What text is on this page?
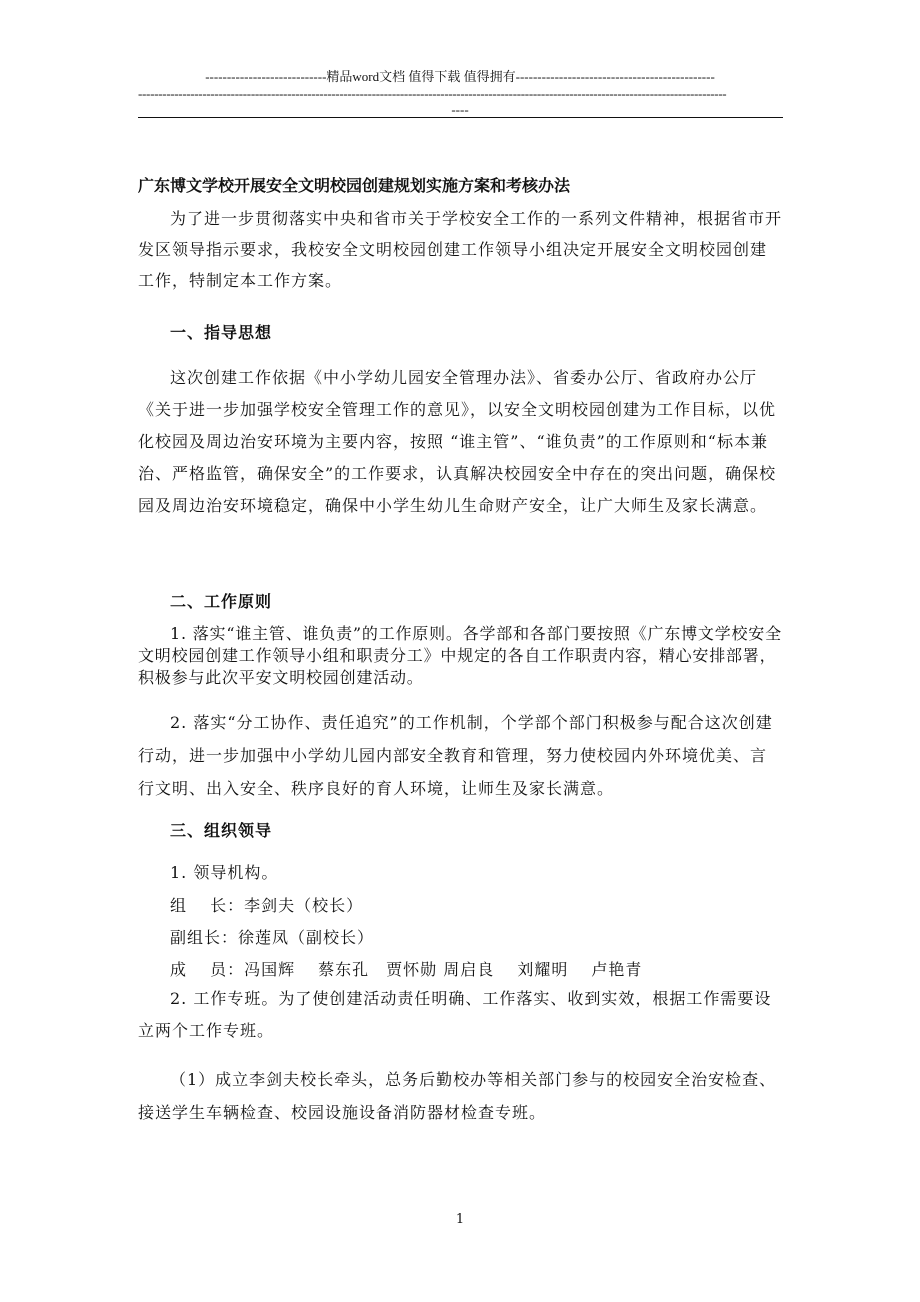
----------------------------精品word文档 值得下载 值得拥有----------------------------------------------
--------------------------------------------------------------------------------------------------------------------------------------------------
----
广东博文学校开展安全文明校园创建规划实施方案和考核办法
为了进一步贯彻落实中央和省市关于学校安全工作的一系列文件精神，根据省市开发区领导指示要求，我校安全文明校园创建工作领导小组决定开展安全文明校园创建工作，特制定本工作方案。
一、指导思想
这次创建工作依据《中小学幼儿园安全管理办法》、省委办公厅、省政府办公厅《关于进一步加强学校安全管理工作的意见》，以安全文明校园创建为工作目标，以优化校园及周边治安环境为主要内容，按照 “谁主管”、“谁负责”的工作原则和“标本兼治、严格监管，确保安全”的工作要求，认真解决校园安全中存在的突出问题，确保校园及周边治安环境稳定，确保中小学生幼儿生命财产安全，让广大师生及家长满意。
二、工作原则
1. 落实“谁主管、谁负责”的工作原则。各学部和各部门要按照《广东博文学校安全文明校园创建工作领导小组和职责分工》中规定的各自工作职责内容，精心安排部署，积极参与此次平安文明校园创建活动。
2. 落实“分工协作、责任追究”的工作机制，个学部个部门积极参与配合这次创建行动，进一步加强中小学幼儿园内部安全教育和管理，努力使校园内外环境优美、言行文明、出入安全、秩序良好的育人环境，让师生及家长满意。
三、组织领导
1. 领导机构。
组　 长：李剑夫（校长）
副组长：徐莲凤（副校长）
成　 员：冯国辉　 蔡东孔　贾怀勋 周启良　 刘耀明　 卢艳青
2. 工作专班。为了使创建活动责任明确、工作落实、收到实效，根据工作需要设立两个工作专班。
（1）成立李剑夫校长牵头，总务后勤校办等相关部门参与的校园安全治安检查、接送学生车辆检查、校园设施设备消防器材检查专班。
1
